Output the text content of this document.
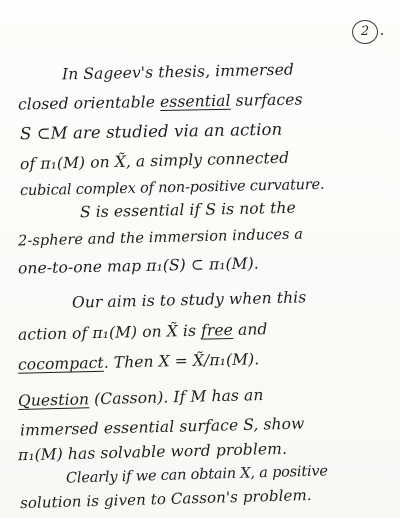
2
In Sageev's thesis, immersed
closed orientable essential surfaces
S ⊂M are studied via an action
of π₁(M) on X̃, a simply connected
cubical complex of non-positive curvature.
S is essential if S is not the
2-sphere and the immersion induces a
one-to-one map π₁(S) ⊂ π₁(M).
Our aim is to study when this
action of π₁(M) on X̃ is free and
cocompact. Then X = X̃/π₁(M).
Question (Casson). If M has an
immersed essential surface S, show
π₁(M) has solvable word problem.
Clearly if we can obtain X, a positive
solution is given to Casson's problem.
